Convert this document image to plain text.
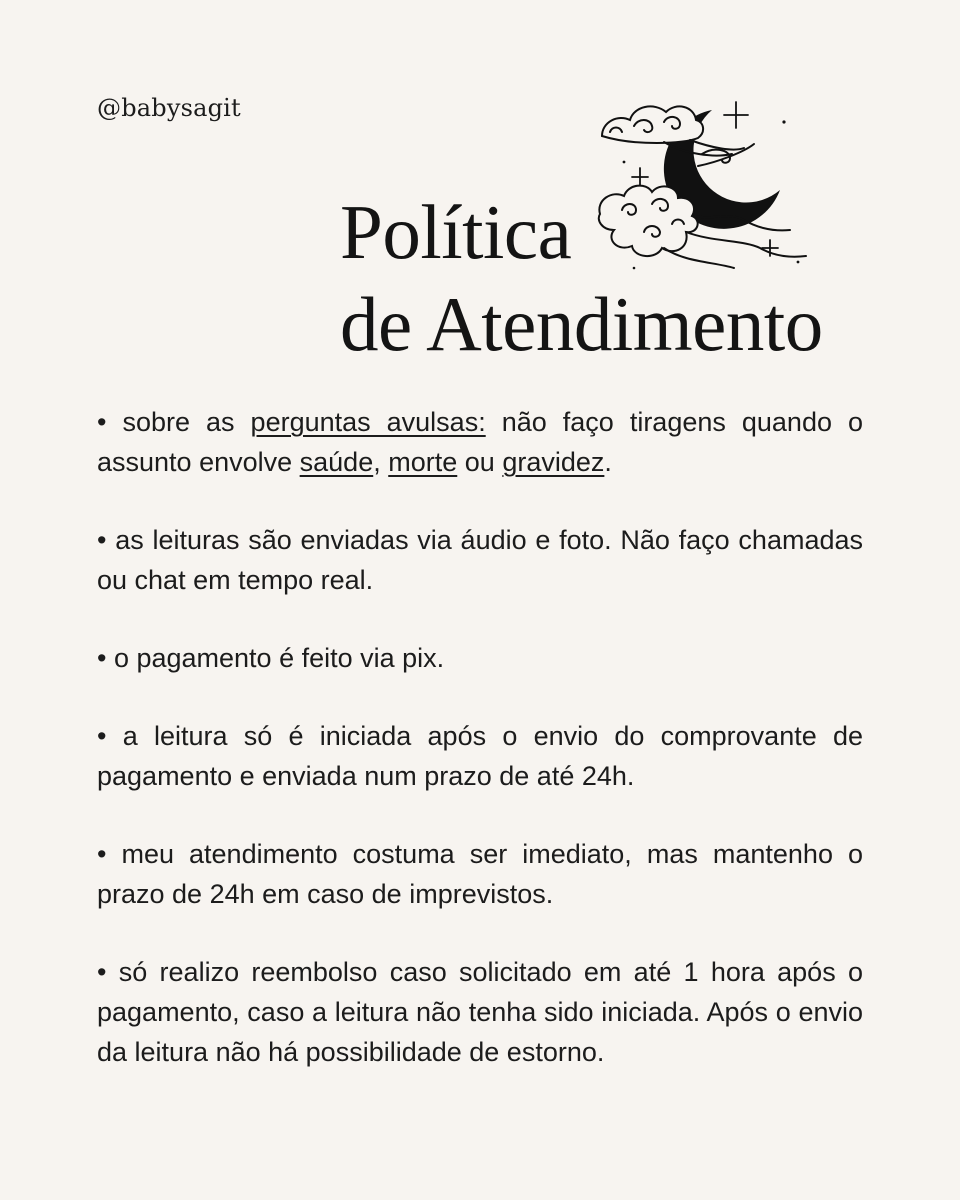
@babysagit
Política
de Atendimento

• sobre as perguntas avulsas: não faço tiragens quando o assunto envolve saúde, morte ou gravidez.

• as leituras são enviadas via áudio e foto. Não faço chamadas ou chat em tempo real.

• o pagamento é feito via pix.

• a leitura só é iniciada após o envio do comprovante de pagamento e enviada num prazo de até 24h.

• meu atendimento costuma ser imediato, mas mantenho o prazo de 24h em caso de imprevistos.

• só realizo reembolso caso solicitado em até 1 hora após o pagamento, caso a leitura não tenha sido iniciada. Após o envio da leitura não há possibilidade de estorno.
